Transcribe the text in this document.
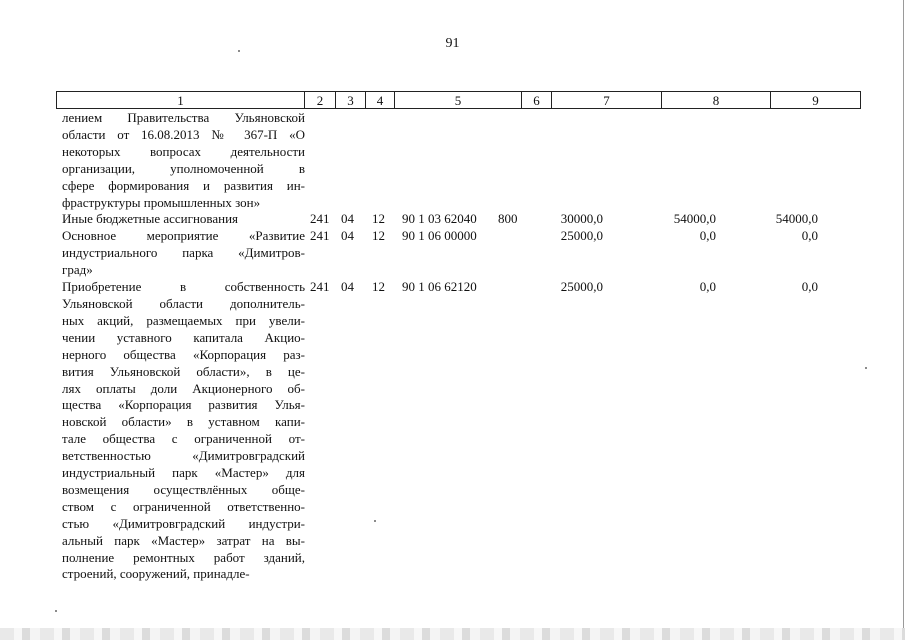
91
1	2	3	4	5	6	7	8	9
лением Правительства Ульяновской
области от 16.08.2013 № 367-П «О
некоторых вопросах деятельности
организации, уполномоченной в
сфере формирования и развития ин-
фраструктуры промышленных зон»
Иные бюджетные ассигнования	241 04 12 90 1 03 62040 800	30000,0	54000,0	54000,0
Основное мероприятие «Развитие
индустриального парка «Димитров-
град»
241 04 12 90 1 06 00000	25000,0	0,0	0,0
Приобретение в собственность
Ульяновской области дополнитель-
ных акций, размещаемых при увели-
чении уставного капитала Акцио-
нерного общества «Корпорация раз-
вития Ульяновской области», в це-
лях оплаты доли Акционерного об-
щества «Корпорация развития Улья-
новской области» в уставном капи-
тале общества с ограниченной от-
ветственностью «Димитровградский
индустриальный парк «Мастер» для
возмещения осуществлённых обще-
ством с ограниченной ответственно-
стью «Димитровградский индустри-
альный парк «Мастер» затрат на вы-
полнение ремонтных работ зданий,
строений, сооружений, принадле-
241 04 12 90 1 06 62120	25000,0	0,0	0,0
